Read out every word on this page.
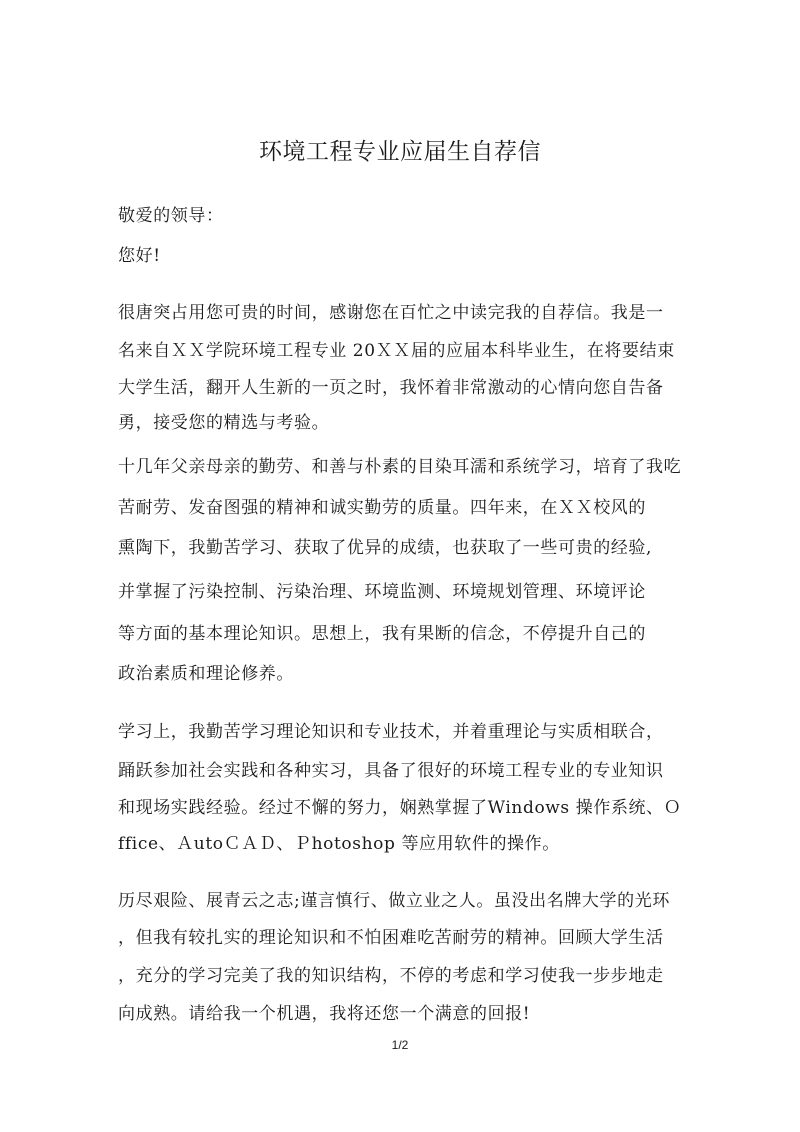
环境工程专业应届生自荐信
敬爱的领导：
您好!
很唐突占用您可贵的时间，感谢您在百忙之中读完我的自荐信。我是一
名来自ＸＸ学院环境工程专业 20ＸＸ届的应届本科毕业生，在将要结束
大学生活，翻开人生新的一页之时，我怀着非常激动的心情向您自告备
勇，接受您的精选与考验。
十几年父亲母亲的勤劳、和善与朴素的目染耳濡和系统学习，培育了我吃
苦耐劳、发奋图强的精神和诚实勤劳的质量。四年来，在ＸＸ校风的
熏陶下，我勤苦学习、获取了优异的成绩，也获取了一些可贵的经验,
并掌握了污染控制、污染治理、环境监测、环境规划管理、环境评论
等方面的基本理论知识。思想上，我有果断的信念，不停提升自己的
政治素质和理论修养。
学习上，我勤苦学习理论知识和专业技术，并着重理论与实质相联合，
踊跃参加社会实践和各种实习，具备了很好的环境工程专业的专业知识
和现场实践经验。经过不懈的努力，娴熟掌握了Windows 操作系统、Ｏ
ffice、ＡutoＣＡＤ、Ｐhotoshop 等应用软件的操作。
历尽艰险、展青云之志;谨言慎行、做立业之人。虽没出名牌大学的光环
，但我有较扎实的理论知识和不怕困难吃苦耐劳的精神。回顾大学生活
，充分的学习完美了我的知识结构，不停的考虑和学习使我一步步地走
向成熟。请给我一个机遇，我将还您一个满意的回报!
1/2
